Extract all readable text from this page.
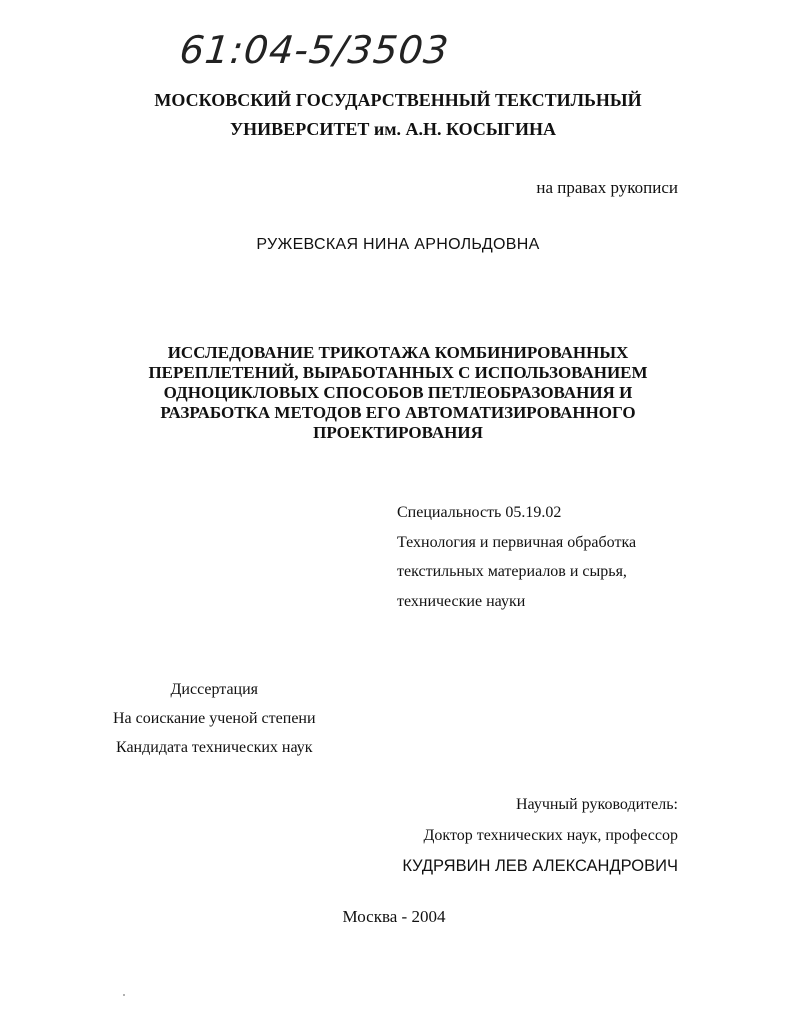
61:04-5/3503
МОСКОВСКИЙ ГОСУДАРСТВЕННЫЙ ТЕКСТИЛЬНЫЙ
УНИВЕРСИТЕТ им. А.Н. КОСЫГИНА
на правах рукописи
РУЖЕВСКАЯ НИНА АРНОЛЬДОВНА
ИССЛЕДОВАНИЕ ТРИКОТАЖА КОМБИНИРОВАННЫХ
ПЕРЕПЛЕТЕНИЙ, ВЫРАБОТАННЫХ С ИСПОЛЬЗОВАНИЕМ
ОДНОЦИКЛОВЫХ СПОСОБОВ ПЕТЛЕОБРАЗОВАНИЯ И
РАЗРАБОТКА МЕТОДОВ ЕГО АВТОМАТИЗИРОВАННОГО
ПРОЕКТИРОВАНИЯ
Специальность 05.19.02
Технология и первичная обработка
текстильных материалов и сырья,
технические науки
Диссертация
На соискание ученой степени
Кандидата технических наук
Научный руководитель:
Доктор технических наук, профессор
КУДРЯВИН ЛЕВ АЛЕКСАНДРОВИЧ
Москва - 2004
